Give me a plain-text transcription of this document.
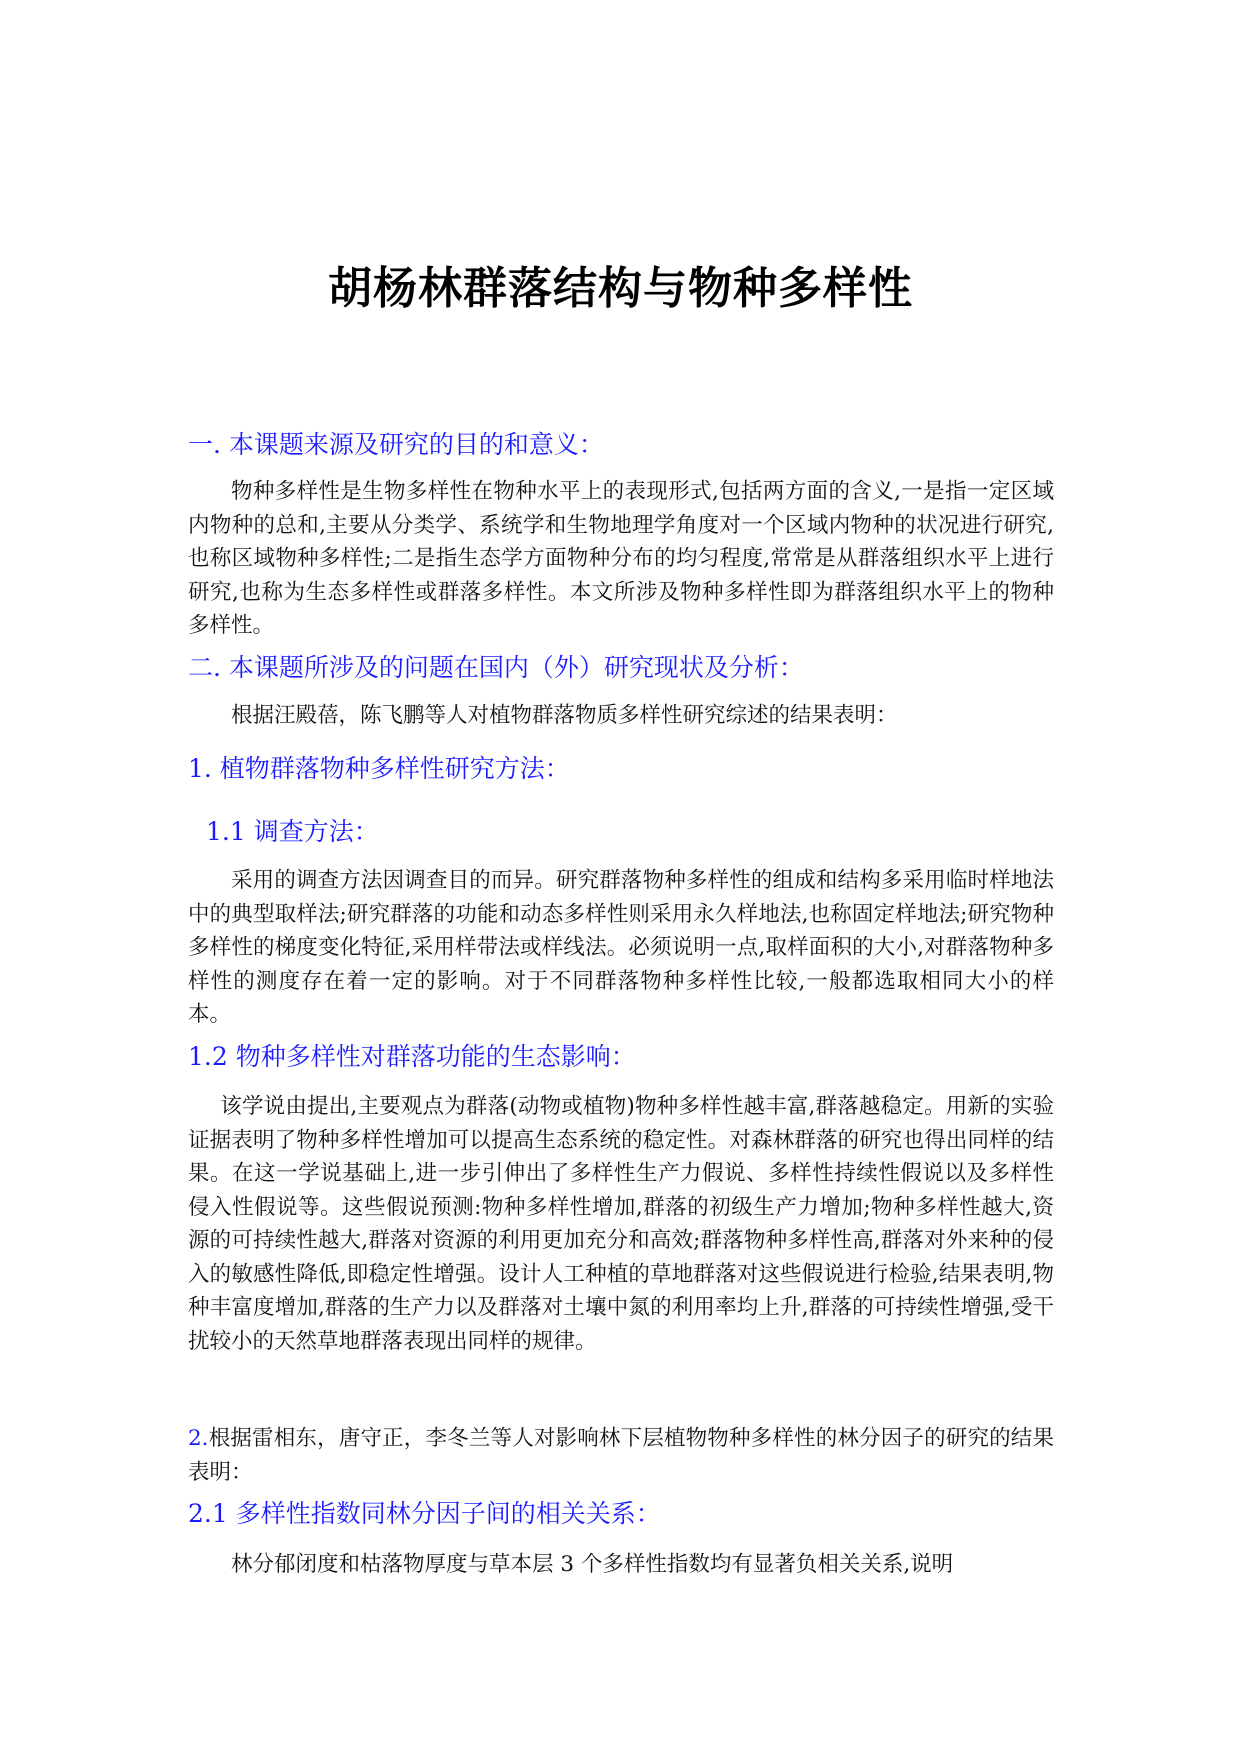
胡杨林群落结构与物种多样性

一. 本课题来源及研究的目的和意义：

物种多样性是生物多样性在物种水平上的表现形式,包括两方面的含义,一是指一定区域内物种的总和,主要从分类学、系统学和生物地理学角度对一个区域内物种的状况进行研究,也称区域物种多样性;二是指生态学方面物种分布的均匀程度,常常是从群落组织水平上进行研究,也称为生态多样性或群落多样性。本文所涉及物种多样性即为群落组织水平上的物种多样性。

二. 本课题所涉及的问题在国内（外）研究现状及分析：

根据汪殿蓓，陈飞鹏等人对植物群落物质多样性研究综述的结果表明：

1. 植物群落物种多样性研究方法：

1.1 调查方法：

采用的调查方法因调查目的而异。研究群落物种多样性的组成和结构多采用临时样地法中的典型取样法;研究群落的功能和动态多样性则采用永久样地法,也称固定样地法;研究物种多样性的梯度变化特征,采用样带法或样线法。必须说明一点,取样面积的大小,对群落物种多样性的测度存在着一定的影响。对于不同群落物种多样性比较,一般都选取相同大小的样本。

1.2 物种多样性对群落功能的生态影响：

该学说由提出,主要观点为群落(动物或植物)物种多样性越丰富,群落越稳定。用新的实验证据表明了物种多样性增加可以提高生态系统的稳定性。对森林群落的研究也得出同样的结果。在这一学说基础上,进一步引伸出了多样性生产力假说、多样性持续性假说以及多样性侵入性假说等。这些假说预测:物种多样性增加,群落的初级生产力增加;物种多样性越大,资源的可持续性越大,群落对资源的利用更加充分和高效;群落物种多样性高,群落对外来种的侵入的敏感性降低,即稳定性增强。设计人工种植的草地群落对这些假说进行检验,结果表明,物种丰富度增加,群落的生产力以及群落对土壤中氮的利用率均上升,群落的可持续性增强,受干扰较小的天然草地群落表现出同样的规律。

2.根据雷相东，唐守正，李冬兰等人对影响林下层植物物种多样性的林分因子的研究的结果表明：

2.1 多样性指数同林分因子间的相关关系：

林分郁闭度和枯落物厚度与草本层 3 个多样性指数均有显著负相关关系,说明
